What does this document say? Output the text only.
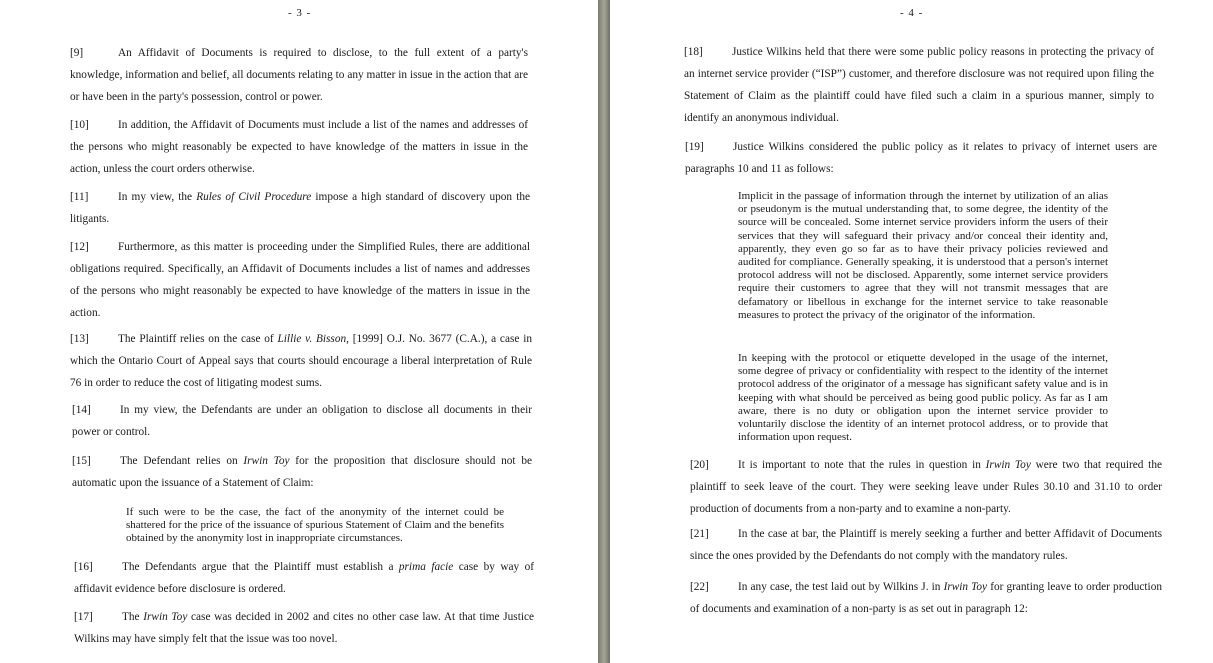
- 3 -
[9]	An Affidavit of Documents is required to disclose, to the full extent of a party's knowledge, information and belief, all documents relating to any matter in issue in the action that are or have been in the party's possession, control or power.
[10]	In addition, the Affidavit of Documents must include a list of the names and addresses of the persons who might reasonably be expected to have knowledge of the matters in issue in the action, unless the court orders otherwise.
[11]	In my view, the Rules of Civil Procedure impose a high standard of discovery upon the litigants.
[12]	Furthermore, as this matter is proceeding under the Simplified Rules, there are additional obligations required. Specifically, an Affidavit of Documents includes a list of names and addresses of the persons who might reasonably be expected to have knowledge of the matters in issue in the action.
[13]	The Plaintiff relies on the case of Lillie v. Bisson, [1999] O.J. No. 3677 (C.A.), a case in which the Ontario Court of Appeal says that courts should encourage a liberal interpretation of Rule 76 in order to reduce the cost of litigating modest sums.
[14]	In my view, the Defendants are under an obligation to disclose all documents in their power or control.
[15]	The Defendant relies on Irwin Toy for the proposition that disclosure should not be automatic upon the issuance of a Statement of Claim:
If such were to be the case, the fact of the anonymity of the internet could be shattered for the price of the issuance of spurious Statement of Claim and the benefits obtained by the anonymity lost in inappropriate circumstances.
[16]	The Defendants argue that the Plaintiff must establish a prima facie case by way of affidavit evidence before disclosure is ordered.
[17]	The Irwin Toy case was decided in 2002 and cites no other case law. At that time Justice Wilkins may have simply felt that the issue was too novel.
- 4 -
[18]	Justice Wilkins held that there were some public policy reasons in protecting the privacy of an internet service provider (“ISP”) customer, and therefore disclosure was not required upon filing the Statement of Claim as the plaintiff could have filed such a claim in a spurious manner, simply to identify an anonymous individual.
[19]	Justice Wilkins considered the public policy as it relates to privacy of internet users are paragraphs 10 and 11 as follows:
Implicit in the passage of information through the internet by utilization of an alias or pseudonym is the mutual understanding that, to some degree, the identity of the source will be concealed. Some internet service providers inform the users of their services that they will safeguard their privacy and/or conceal their identity and, apparently, they even go so far as to have their privacy policies reviewed and audited for compliance. Generally speaking, it is understood that a person's internet protocol address will not be disclosed. Apparently, some internet service providers require their customers to agree that they will not transmit messages that are defamatory or libellous in exchange for the internet service to take reasonable measures to protect the privacy of the originator of the information.
In keeping with the protocol or etiquette developed in the usage of the internet, some degree of privacy or confidentiality with respect to the identity of the internet protocol address of the originator of a message has significant safety value and is in keeping with what should be perceived as being good public policy. As far as I am aware, there is no duty or obligation upon the internet service provider to voluntarily disclose the identity of an internet protocol address, or to provide that information upon request.
[20]	It is important to note that the rules in question in Irwin Toy were two that required the plaintiff to seek leave of the court. They were seeking leave under Rules 30.10 and 31.10 to order production of documents from a non-party and to examine a non-party.
[21]	In the case at bar, the Plaintiff is merely seeking a further and better Affidavit of Documents since the ones provided by the Defendants do not comply with the mandatory rules.
[22]	In any case, the test laid out by Wilkins J. in Irwin Toy for granting leave to order production of documents and examination of a non-party is as set out in paragraph 12:
